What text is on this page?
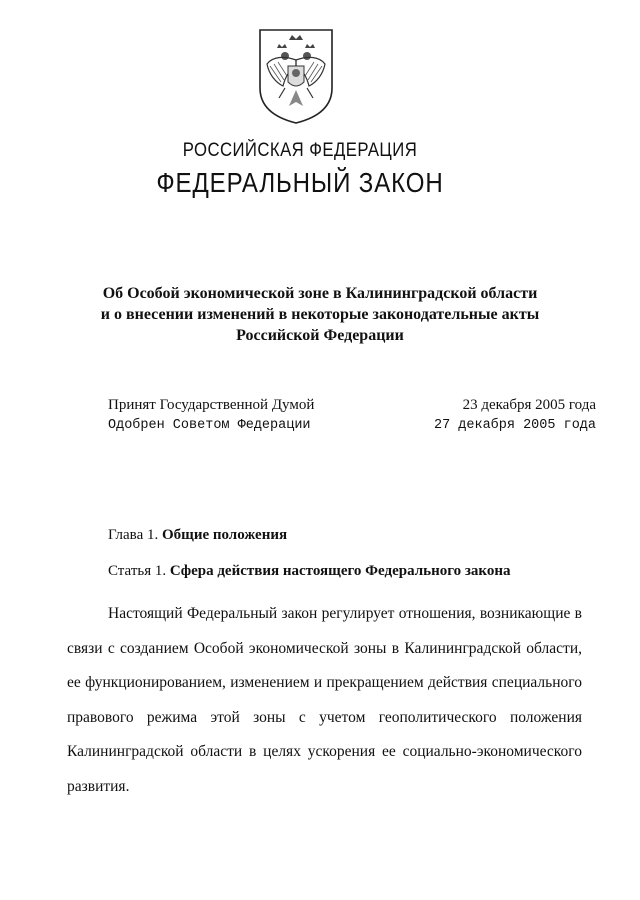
РОССИЙСКАЯ ФЕДЕРАЦИЯ
ФЕДЕРАЛЬНЫЙ ЗАКОН
Об Особой экономической зоне в Калининградской области
и о внесении изменений в некоторые законодательные акты
Российской Федерации
Принят Государственной Думой	23 декабря 2005 года
Одобрен Советом Федерации	27 декабря 2005 года
Глава 1. Общие положения
Статья 1. Сфера действия настоящего Федерального закона

Настоящий Федеральный закон регулирует отношения, возникающие в связи с созданием Особой экономической зоны в Калининградской области, ее функционированием, изменением и прекращением действия специального правового режима этой зоны с учетом геополитического положения Калининградской области в целях ускорения ее социально-экономического развития.
